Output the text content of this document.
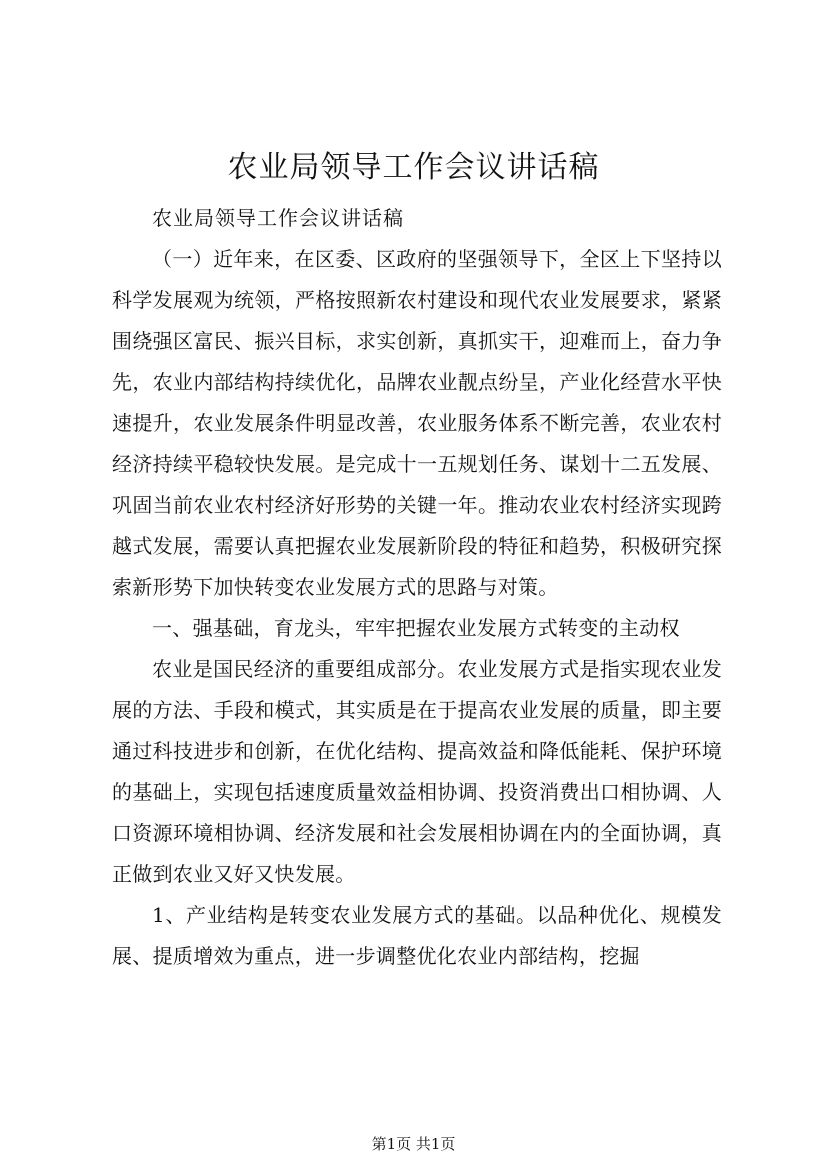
农业局领导工作会议讲话稿

农业局领导工作会议讲话稿

（一）近年来，在区委、区政府的坚强领导下，全区上下坚持以科学发展观为统领，严格按照新农村建设和现代农业发展要求，紧紧围绕强区富民、振兴目标，求实创新，真抓实干，迎难而上，奋力争先，农业内部结构持续优化，品牌农业靓点纷呈，产业化经营水平快速提升，农业发展条件明显改善，农业服务体系不断完善，农业农村经济持续平稳较快发展。是完成十一五规划任务、谋划十二五发展、巩固当前农业农村经济好形势的关键一年。推动农业农村经济实现跨越式发展，需要认真把握农业发展新阶段的特征和趋势，积极研究探索新形势下加快转变农业发展方式的思路与对策。

一、强基础，育龙头，牢牢把握农业发展方式转变的主动权

农业是国民经济的重要组成部分。农业发展方式是指实现农业发展的方法、手段和模式，其实质是在于提高农业发展的质量，即主要通过科技进步和创新，在优化结构、提高效益和降低能耗、保护环境的基础上，实现包括速度质量效益相协调、投资消费出口相协调、人口资源环境相协调、经济发展和社会发展相协调在内的全面协调，真正做到农业又好又快发展。

1、产业结构是转变农业发展方式的基础。以品种优化、规模发展、提质增效为重点，进一步调整优化农业内部结构，挖掘

第1页 共1页
